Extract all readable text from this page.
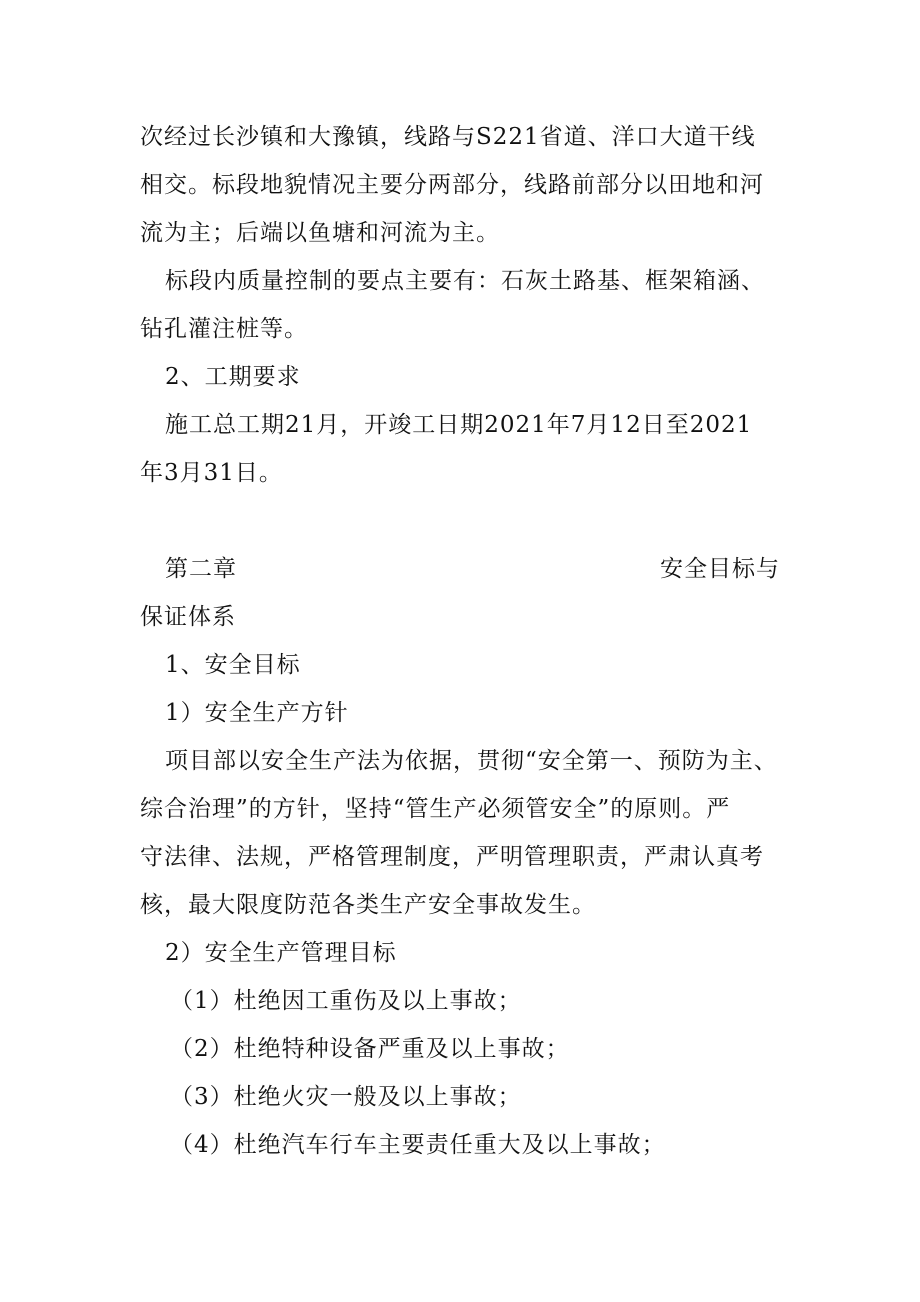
次经过长沙镇和大豫镇，线路与S221省道、洋口大道干线
相交。标段地貌情况主要分两部分，线路前部分以田地和河
流为主；后端以鱼塘和河流为主。
标段内质量控制的要点主要有：石灰土路基、框架箱涵、
钻孔灌注桩等。
2、工期要求
施工总工期21月，开竣工日期2021年7月12日至2021
年3月31日。
第二章	安全目标与
保证体系
1、安全目标
1）安全生产方针
项目部以安全生产法为依据，贯彻“安全第一、预防为主、
综合治理”的方针，坚持“管生产必须管安全”的原则。严
守法律、法规，严格管理制度，严明管理职责，严肃认真考
核，最大限度防范各类生产安全事故发生。
2）安全生产管理目标
（1）杜绝因工重伤及以上事故；
（2）杜绝特种设备严重及以上事故；
（3）杜绝火灾一般及以上事故；
（4）杜绝汽车行车主要责任重大及以上事故；
